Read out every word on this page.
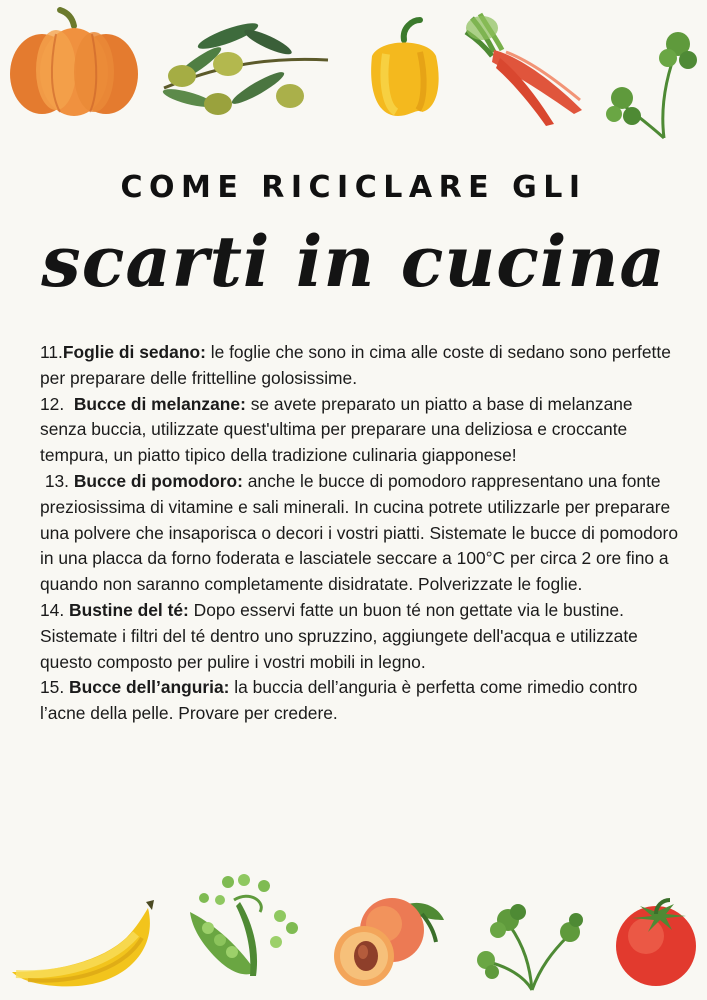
COME RICICLARE GLI
scarti in cucina

11.Foglie di sedano: le foglie che sono in cima alle coste di sedano sono perfette per preparare delle frittelline golosissime.

12.  Bucce di melanzane: se avete preparato un piatto a base di melanzane senza buccia, utilizzate quest'ultima per preparare una deliziosa e croccante tempura, un piatto tipico della tradizione culinaria giapponese!

13. Bucce di pomodoro: anche le bucce di pomodoro rappresentano una fonte preziosissima di vitamine e sali minerali. In cucina potrete utilizzarle per preparare una polvere che insaporisca o decori i vostri piatti. Sistemate le bucce di pomodoro in una placca da forno foderata e lasciatele seccare a 100°C per circa 2 ore fino a quando non saranno completamente disidratate. Polverizzate le foglie.

14. Bustine del té: Dopo esservi fatte un buon té non gettate via le bustine. Sistemate i filtri del té dentro uno spruzzino, aggiungete dell'acqua e utilizzate questo composto per pulire i vostri mobili in legno.

15. Bucce dell’anguria: la buccia dell’anguria è perfetta come rimedio contro l’acne della pelle. Provare per credere.
